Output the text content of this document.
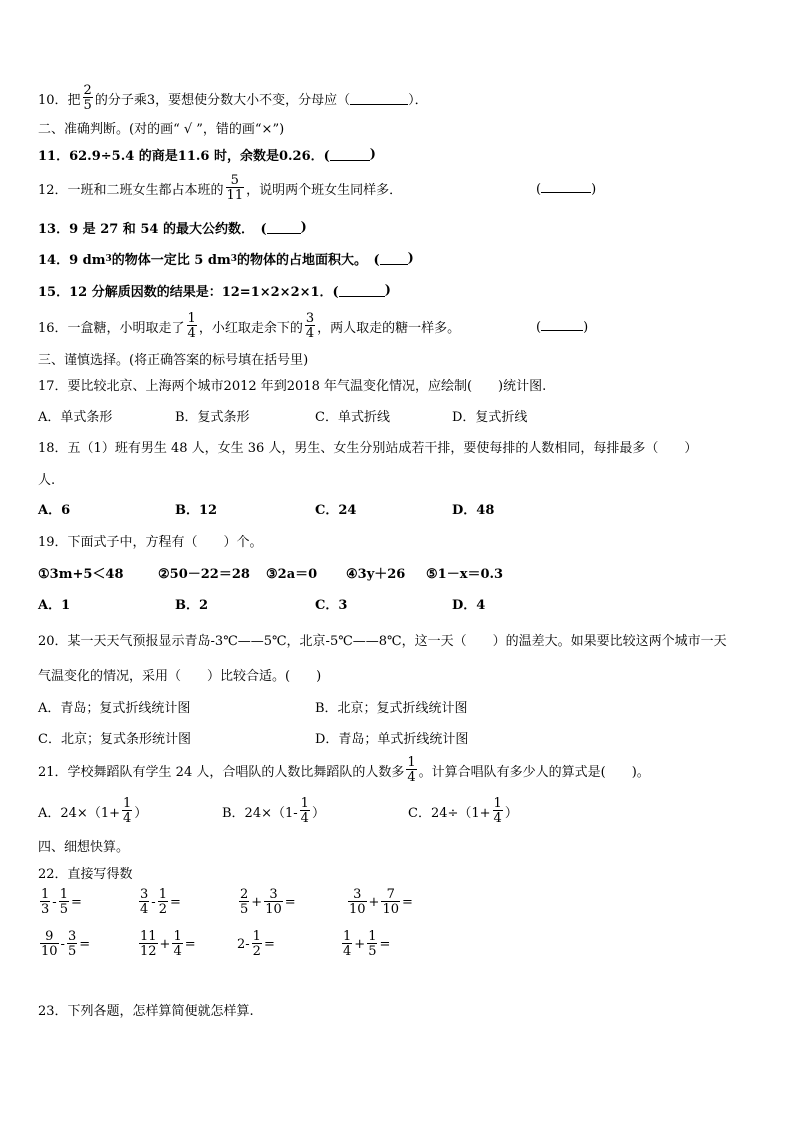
10．把 $\frac{2}{5}$ 的分子乘3，要想使分数大小不变，分母应（	）．
二、准确判断。(对的画“ √ ”，错的画“×”)
11．62.9÷5.4 的商是11.6 时，余数是0.26．(	)
12．一班和二班女生都占本班的 $\frac{5}{11}$ ，说明两个班女生同样多．	(	)
13．9 是 27 和 54 的最大公约数．　(	)
14．9 dm 3 的物体一定比 5 dm 3 的物体的占地面积大。　( )
15．12 分解质因数的结果是：12=1×2×2×1．(	)
16．一盒糖，小明取走了 $\frac{1}{4}$ ，小红取走余下的 $\frac{3}{4}$ ，两人取走的糖一样多。	(	)
三、谨慎选择。(将正确答案的标号填在括号里)
17．要比较北京、上海两个城市2012 年到2018 年气温变化情况，应绘制(　　)统计图.
A．单式条形	B．复式条形	C．单式折线	D．复式折线
18．五（1）班有男生 48 人，女生 36 人，男生、女生分别站成若干排，要使每排的人数相同，每排最多（　　）
人.
A．6	B．12	C．24	D．48
19．下面式子中，方程有（　　）个。
①3m+5＜48	②50－22＝28 ③2a＝0 ④3y＋26 ⑤1－x＝0.3
A．1	B．2	C．3	D．4
20．某一天天气预报显示青岛-3℃——5℃，北京-5℃——8℃，这一天（　　）的温差大。如果要比较这两个城市一天
气温变化的情况，采用（　　）比较合适。(　　)
A．青岛；复式折线统计图	B．北京；复式折线统计图
C．北京；复式条形统计图	D．青岛；单式折线统计图
21．学校舞蹈队有学生 24 人，合唱队的人数比舞蹈队的人数多 $\frac{1}{4}$ 。计算合唱队有多少人的算式是(　　)。
A．$24\times(1+ \frac{1}{4}$ ）	B．$24\times(1- \frac{1}{4}$ ）	C．$24\div(1+ \frac{1}{4}$ ）
四、细想快算。
22．直接写得数
$\frac{1}{3} - \frac{1}{5}$ =	$\frac{3}{4} - \frac{1}{2}$ =	$\frac{2}{5} + \frac{3}{10}$ =	$\frac{3}{10} + \frac{7}{10}$ =
$\frac{9}{10} - \frac{3}{5}$ =	$\frac{11}{12} + \frac{1}{4}$ =	$2- \frac{1}{2}$ =	$\frac{1}{4} + \frac{1}{5}$ =
23．下列各题，怎样算简便就怎样算.
